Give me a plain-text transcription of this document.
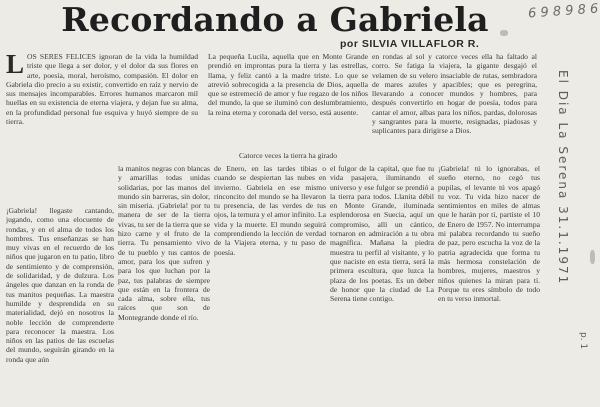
6 9 8 9 8 6
Recordando a Gabriela
por SILVIA VILLAFLOR R.
L OS SERES FELICES ignoran de la vida la humildad triste que llega a ser dolor, y el dolor da sus flores en arte, poesía, moral, heroísmo, compasión. El dolor en Gabriela dio precio a su existir, convertido en raíz y nervio de sus mensajes incomparables. Errores humanos marcaron mil huellas en su existencia de eterna viajera, y dejan fue su alma, en la profundidad personal fue esquiva y huyó siempre de su tierra.
La pequeña Lucila, aquella que en Monte Grande prendió en improntas pura la tierra y las estrellas, llama, y feliz cantó a la madre triste. Lo que se atrevió sobrecogida a la presencia de Dios, aquella que se estremeció de amor y fue regazo de los niños del mundo, la que se iluminó con deslumbramiento, la reina eterna y coronada del verso, está ausente.
Catorce veces la tierra ha girado
en rondas al sol y catorce veces ella ha faltado al corro. Se fatiga la viajera, la gigante desgajó el velamen de su velero insaciable de rutas, sembradora de mares azules y apacibles; que es peregrina, llevarando a conocer mundos y hombres, para después convertirlo en hogar de poesía, todos para cantar el amor, albas para los niños, pardas, dolorosas y sangrantes para la muerte, resignadas, piadosas y suplicantes para dirigirse a Dios.
¡Gabriela! llegaste cantando, jugando, como una elocuente de rondas, y en el alma de todos los hombres. Tus enseñanzas se han muy vivas en el recuerdo de los niños que jugaron en tu patio, libro de sentimiento y de comprensión, de solidaridad, y de dulzura. Los ángeles que danzan en la ronda de tus manitos pequeñas. La maestra humilde y desprendida en su materialidad, dejó en nosotros la noble lección de comprenderte para reconocer la maestra. Los niños en las patios de las escuelas del mundo, seguirán girando en la ronda que aún
la manitos negras con blancas y amarillas todas unidas solidarias, por las manos del mundo sin barreras, sin dolor, sin miseria. ¡Gabriela! por tu manera de ser de la tierra vivas, tu ser de la tierra que se hizo carne y el fruto de la tierra. Tu pensamiento vivo de tu pueblo y tus cantos de amor, para los que sufren y para los que luchan por la paz, tus palabras de siempre que están en la frontera de cada alma, sobre ella, tus raíces que son de Montegrande donde el río.
de Enero, en las tardes tibias o cuando se despiertan las nubes en invierno. Gabriela en ese mismo rinconcito del mundo se ha llevaron tu presencia, de las verdes de tus ojos, la ternura y el amor infinito. La vida y la muerte. El mundo seguirá comprendiendo la lección de verdad de la Viajera eterna, y tu paso de poesía.
el fulgor de la capital, que fue tu vida pasajera, iluminando el universo y ese fulgor se prendió a la tierra para todos. Llanita débil en Monte Grande, iluminada esplendorosa en Suecia, aquí un compromiso, allí un cántico, tornaron en admiración a tu obra magnífica. Mañana la piedra muestra tu perfil al visitante, y lo que naciste en esta tierra, será la primera escultura, que luzca la plaza de los poetas. Es un deber de honor que la ciudad de La Serena tiene contigo.
¡Gabriela! tú lo ignorabas, el sueño eterno, no cegó tus pupilas, el levante tú vos apagó tu voz. Tu vida hizo nacer de sentimientos en miles de almas que le harán por tí, partiste el 10 de Enero de 1957. No interrumpa mi palabra recordando tu sueño de paz, pero escucha la voz de la patria agradecida que forma tu más hermosa constelación de hombres, mujeres, maestros y niños quienes la miran para tí. Porque tu eres símbolo de todo en tu verso inmortal.
El Dia La Serena 31.1.1971
p. 1
